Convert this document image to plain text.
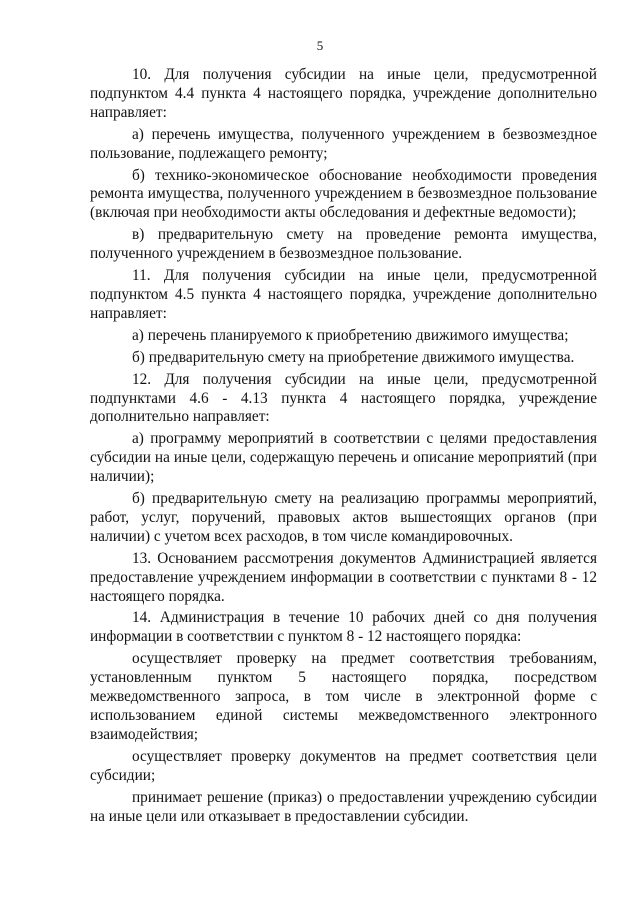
5

10. Для получения субсидии на иные цели, предусмотренной подпунктом 4.4 пункта 4 настоящего порядка, учреждение дополнительно направляет:

а) перечень имущества, полученного учреждением в безвозмездное пользование, подлежащего ремонту;

б) технико-экономическое обоснование необходимости проведения ремонта имущества, полученного учреждением в безвозмездное пользование (включая при необходимости акты обследования и дефектные ведомости);

в) предварительную смету на проведение ремонта имущества, полученного учреждением в безвозмездное пользование.

11. Для получения субсидии на иные цели, предусмотренной подпунктом 4.5 пункта 4 настоящего порядка, учреждение дополнительно направляет:

а) перечень планируемого к приобретению движимого имущества;

б) предварительную смету на приобретение движимого имущества.

12. Для получения субсидии на иные цели, предусмотренной подпунктами 4.6 - 4.13 пункта 4 настоящего порядка, учреждение дополнительно направляет:

а) программу мероприятий в соответствии с целями предоставления субсидии на иные цели, содержащую перечень и описание мероприятий (при наличии);

б) предварительную смету на реализацию программы мероприятий, работ, услуг, поручений, правовых актов вышестоящих органов (при наличии) с учетом всех расходов, в том числе командировочных.

13. Основанием рассмотрения документов Администрацией является предоставление учреждением информации в соответствии с пунктами 8 - 12 настоящего порядка.

14. Администрация в течение 10 рабочих дней со дня получения информации в соответствии с пунктом 8 - 12 настоящего порядка:

осуществляет проверку на предмет соответствия требованиям, установленным пунктом 5 настоящего порядка, посредством межведомственного запроса, в том числе в электронной форме с использованием единой системы межведомственного электронного взаимодействия;

осуществляет проверку документов на предмет соответствия цели субсидии;

принимает решение (приказ) о предоставлении учреждению субсидии на иные цели или отказывает в предоставлении субсидии.
